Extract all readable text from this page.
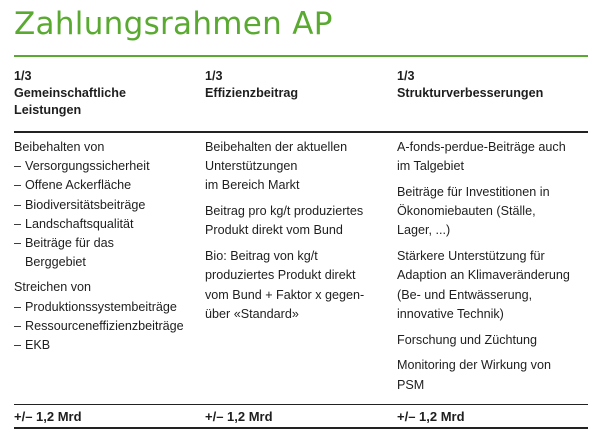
Zahlungsrahmen AP
1/3
Gemeinschaftliche
Leistungen
1/3
Effizienzbeitrag
1/3
Strukturverbesserungen
Beibehalten von
– Versorgungssicherheit
– Offene Ackerfläche
– Biodiversitätsbeiträge
– Landschaftsqualität
– Beiträge für das
Berggebiet
Streichen von
– Produktionssystembeiträge
– Ressourceneffizienzbeiträge
– EKB
Beibehalten der aktuellen
Unterstützungen
im Bereich Markt
Beitrag pro kg/t produziertes
Produkt direkt vom Bund
Bio: Beitrag von kg/t
produziertes Produkt direkt
vom Bund + Faktor x gegen-
über «Standard»
A-fonds-perdue-Beiträge auch
im Talgebiet
Beiträge für Investitionen in
Ökonomiebauten (Ställe,
Lager, ...)
Stärkere Unterstützung für
Adaption an Klimaveränderung
(Be- und Entwässerung,
innovative Technik)
Forschung und Züchtung
Monitoring der Wirkung von
PSM
+/– 1,2 Mrd	+/– 1,2 Mrd	+/– 1,2 Mrd
